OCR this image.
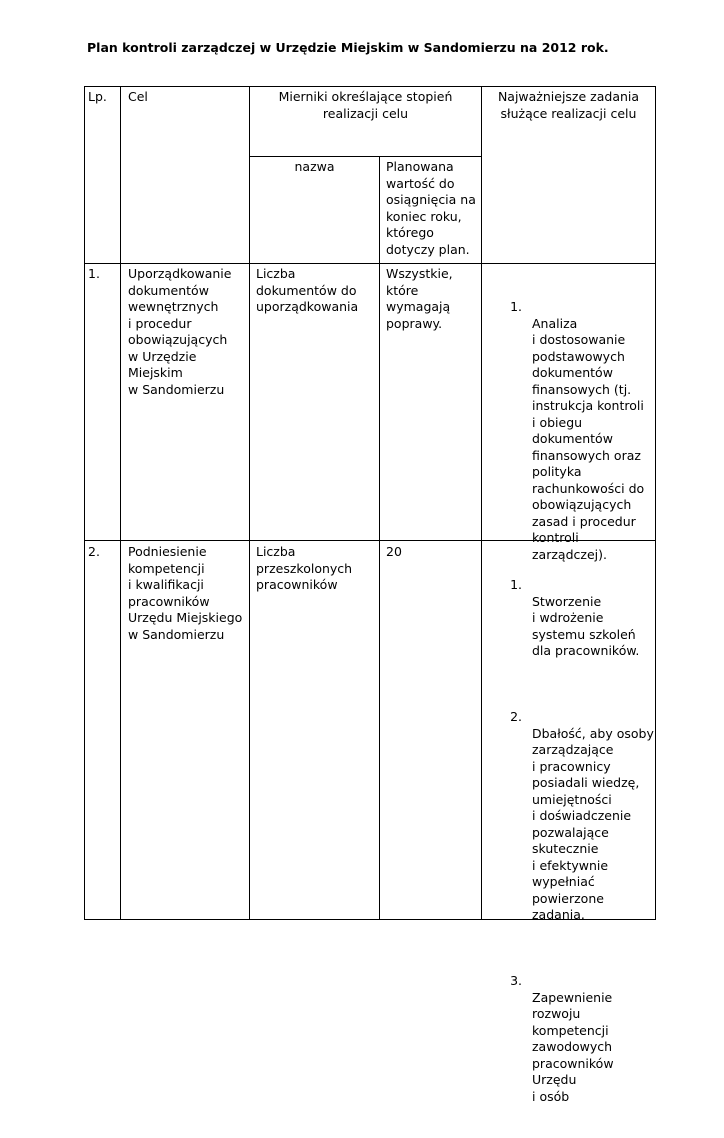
Plan kontroli zarządczej w Urzędzie Miejskim w Sandomierzu na 2012 rok.
Lp. Cel	Mierniki określające stopień
realizacji celu
Najważniejsze zadania
służące realizacji celu
nazwa	Planowana
wartość do
osiągnięcia na
koniec roku,
którego
dotyczy plan.
1. Uporządkowanie
dokumentów
wewnętrznych
i procedur
obowiązujących
w Urzędzie
Miejskim
w Sandomierzu
Liczba
dokumentów do
uporządkowania
Wszystkie,
które
wymagają
poprawy.

1.

Analiza
i dostosowanie
podstawowych
dokumentów
finansowych (tj.
instrukcja kontroli
i obiegu
dokumentów
finansowych oraz
polityka
rachunkowości do
obowiązujących
zasad i procedur
kontroli
zarządczej).

2. Podniesienie
kompetencji
i kwalifikacji
pracowników
Urzędu Miejskiego
w Sandomierzu
Liczba
przeszkolonych
pracowników
20

1.

Stworzenie
i wdrożenie
systemu szkoleń
dla pracowników.

2.

Dbałość, aby osoby
zarządzające
i pracownicy
posiadali wiedzę,
umiejętności
i doświadczenie
pozwalające
skutecznie
i efektywnie
wypełniać
powierzone
zadania.

3.

Zapewnienie
rozwoju
kompetencji
zawodowych
pracowników
Urzędu
i osób
